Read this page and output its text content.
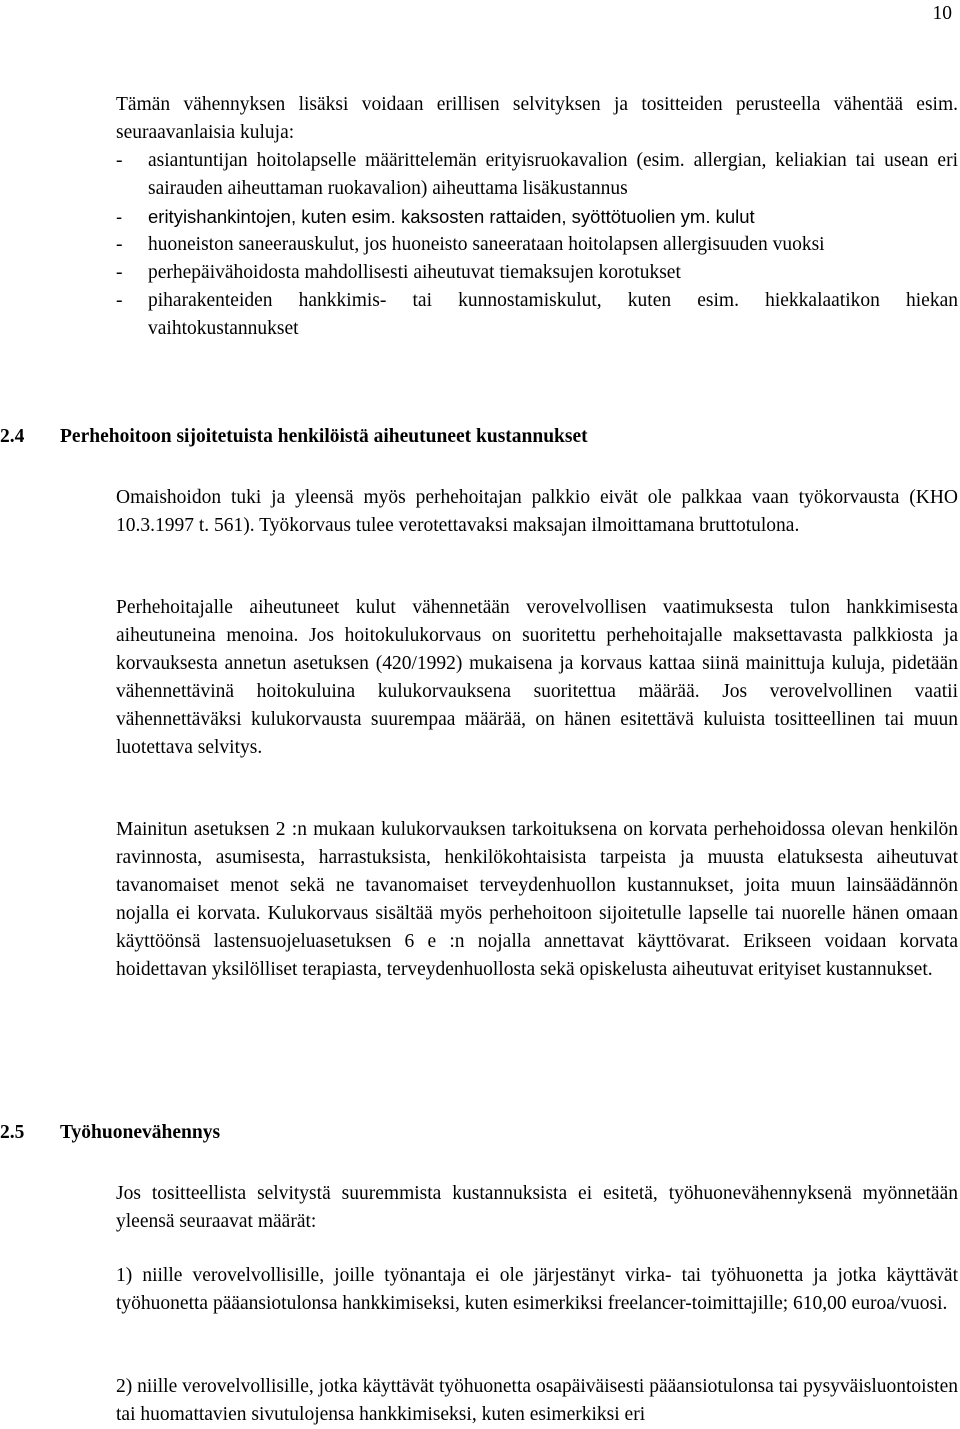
10

Tämän vähennyksen lisäksi voidaan erillisen selvityksen ja tositteiden perusteella vähentää esim. seuraavanlaisia kuluja:

- asiantuntijan hoitolapselle määrittelemän erityisruokavalion (esim. allergian, keliakian tai usean eri sairauden aiheuttaman ruokavalion) aiheuttama lisäkustannus
- erityishankintojen, kuten esim. kaksosten rattaiden, syöttötuolien ym. kulut
- huoneiston saneerauskulut, jos huoneisto saneerataan hoitolapsen allergisuuden vuoksi
- perhepäivähoidosta mahdollisesti aiheutuvat tiemaksujen korotukset
- piharakenteiden hankkimis- tai kunnostamiskulut, kuten esim. hiekkalaatikon hiekan vaihtokustannukset
2.4 Perhehoitoon sijoitetuista henkilöistä aiheutuneet kustannukset

Omaishoidon tuki ja yleensä myös perhehoitajan palkkio eivät ole palkkaa vaan työkorvausta (KHO 10.3.1997 t. 561). Työkorvaus tulee verotettavaksi maksajan ilmoittamana bruttotulona.

Perhehoitajalle aiheutuneet kulut vähennetään verovelvollisen vaatimuksesta tulon hankkimisesta aiheutuneina menoina. Jos hoitokulukorvaus on suoritettu perhehoitajalle maksettavasta palkkiosta ja korvauksesta annetun asetuksen (420/1992) mukaisena ja korvaus kattaa siinä mainittuja kuluja, pidetään vähennettävinä hoitokuluina kulukorvauksena suoritettua määrää. Jos verovelvollinen vaatii vähennettäväksi kulukorvausta suurempaa määrää, on hänen esitettävä kuluista tositteellinen tai muun luotettava selvitys.

Mainitun asetuksen 2 :n mukaan kulukorvauksen tarkoituksena on korvata perhehoidossa olevan henkilön ravinnosta, asumisesta, harrastuksista, henkilökohtaisista tarpeista ja muusta elatuksesta aiheutuvat tavanomaiset menot sekä ne tavanomaiset terveydenhuollon kustannukset, joita muun lainsäädännön nojalla ei korvata. Kulukorvaus sisältää myös perhehoitoon sijoitetulle lapselle tai nuorelle hänen omaan käyttöönsä lastensuojeluasetuksen 6 e :n nojalla annettavat käyttövarat. Erikseen voidaan korvata hoidettavan yksilölliset terapiasta, terveydenhuollosta sekä opiskelusta aiheutuvat erityiset kustannukset.

2.5 Työhuonevähennys

Jos tositteellista selvitystä suuremmista kustannuksista ei esitetä, työhuonevähennyksenä myönnetään yleensä seuraavat määrät:

1) niille verovelvollisille, joille työnantaja ei ole järjestänyt virka- tai työhuonetta ja jotka käyttävät työhuonetta pääansiotulonsa hankkimiseksi, kuten esimerkiksi freelancer-toimittajille; 610,00 euroa/vuosi.

2) niille verovelvollisille, jotka käyttävät työhuonetta osapäiväisesti pääansiotulonsa tai pysyväisluontoisten tai huomattavien sivutulojensa hankkimiseksi, kuten esimerkiksi eri
